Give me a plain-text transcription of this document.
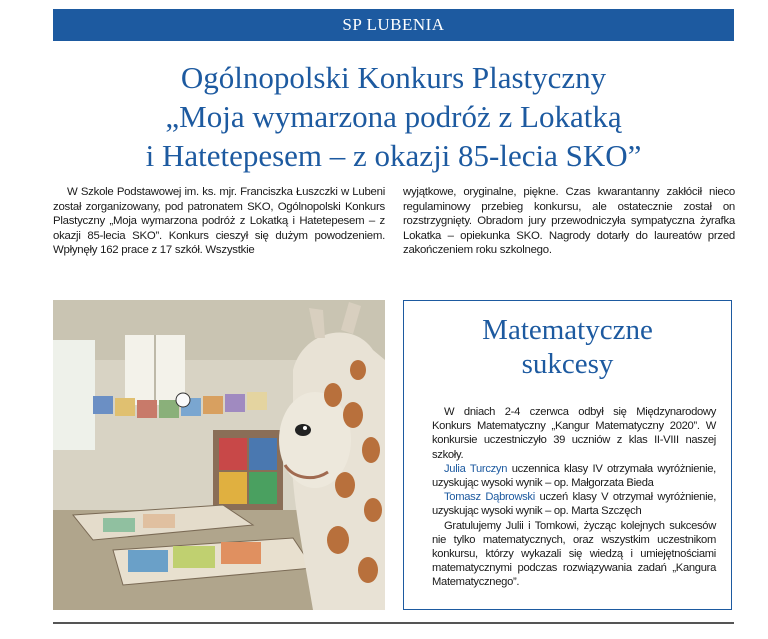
SP LUBENIA
Ogólnopolski Konkurs Plastyczny
„Moja wymarzona podróż z Lokatką
i Hatetepesem – z okazji 85-lecia SKO”
W Szkole Podstawowej im. ks. mjr. Franciszka Łuszczki w Lubeni został zorganizowany, pod patronatem SKO, Ogólnopolski Konkurs Plastyczny „Moja wymarzona podróż z Lokatką i Hatetepesem – z okazji 85-lecia SKO”. Konkurs cieszył się dużym powodzeniem. Wpłynęły 162 prace z 17 szkół. Wszystkie
wyjątkowe, oryginalne, piękne. Czas kwarantanny zakłócił nieco regulaminowy przebieg konkursu, ale ostatecznie został on rozstrzygnięty. Obradom jury przewodniczyła sympatyczna żyrafka Lokatka – opiekunka SKO. Nagrody dotarły do laureatów przed zakończeniem roku szkolnego.
Matematyczne
sukcesy

W dniach 2-4 czerwca odbył się Międzynarodowy Konkurs Matematyczny „Kangur Matematyczny 2020”. W konkursie uczestniczyło 39 uczniów z klas II-VIII naszej szkoły.

Julia Turczyn uczennica klasy IV otrzymała wyróżnienie, uzyskując wysoki wynik – op. Małgorzata Bieda

Tomasz Dąbrowski uczeń klasy V otrzymał wyróżnienie, uzyskując wysoki wynik – op. Marta Szczęch

Gratulujemy Julii i Tomkowi, życząc kolejnych sukcesów nie tylko matematycznych, oraz wszystkim uczestnikom konkursu, którzy wykazali się wiedzą i umiejętnościami matematycznymi podczas rozwiązywania zadań „Kangura Matematycznego”.
